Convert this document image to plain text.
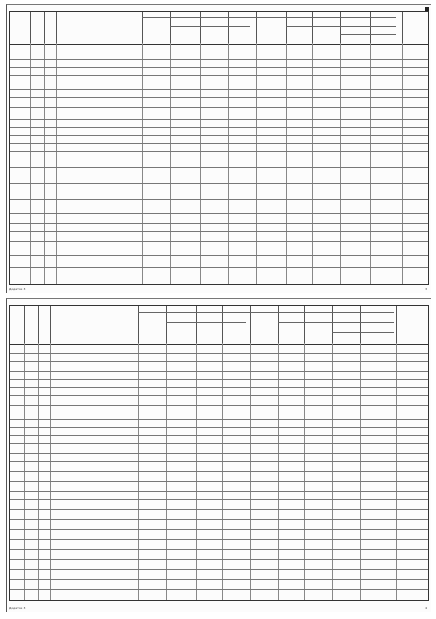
Додаток 3	3
Додаток 3	4
